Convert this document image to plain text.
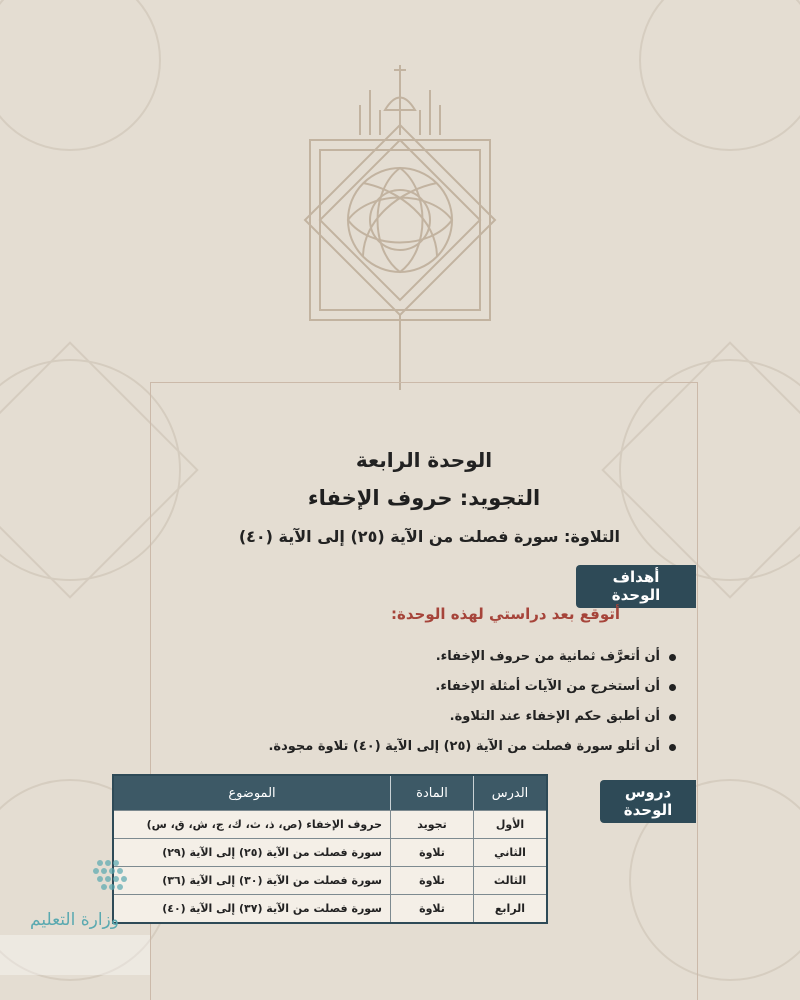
الوحدة الرابعة
التجويد: حروف الإخفاء
التلاوة: سورة فصلت من الآية (٢٥) إلى الآية (٤٠)
أهداف الوحدة
أتوقع بعد دراستي لهذه الوحدة:
أن أتعرَّف ثمانية من حروف الإخفاء.
أن أستخرج من الآيات أمثلة الإخفاء.
أن أطبق حكم الإخفاء عند التلاوة.
أن أتلو سورة فصلت من الآية (٢٥) إلى الآية (٤٠) تلاوة مجودة.
دروس الوحدة
الدرس	المادة	الموضوع
الأول	تجويد	حروف الإخفاء (ص، ذ، ث، ك، ج، ش، ق، س)
الثاني	تلاوة	سورة فصلت من الآية (٢٥) إلى الآية (٢٩)
الثالث	تلاوة	سورة فصلت من الآية (٣٠) إلى الآية (٣٦)
الرابع	تلاوة	سورة فصلت من الآية (٣٧) إلى الآية (٤٠)
وزارة التعليم
